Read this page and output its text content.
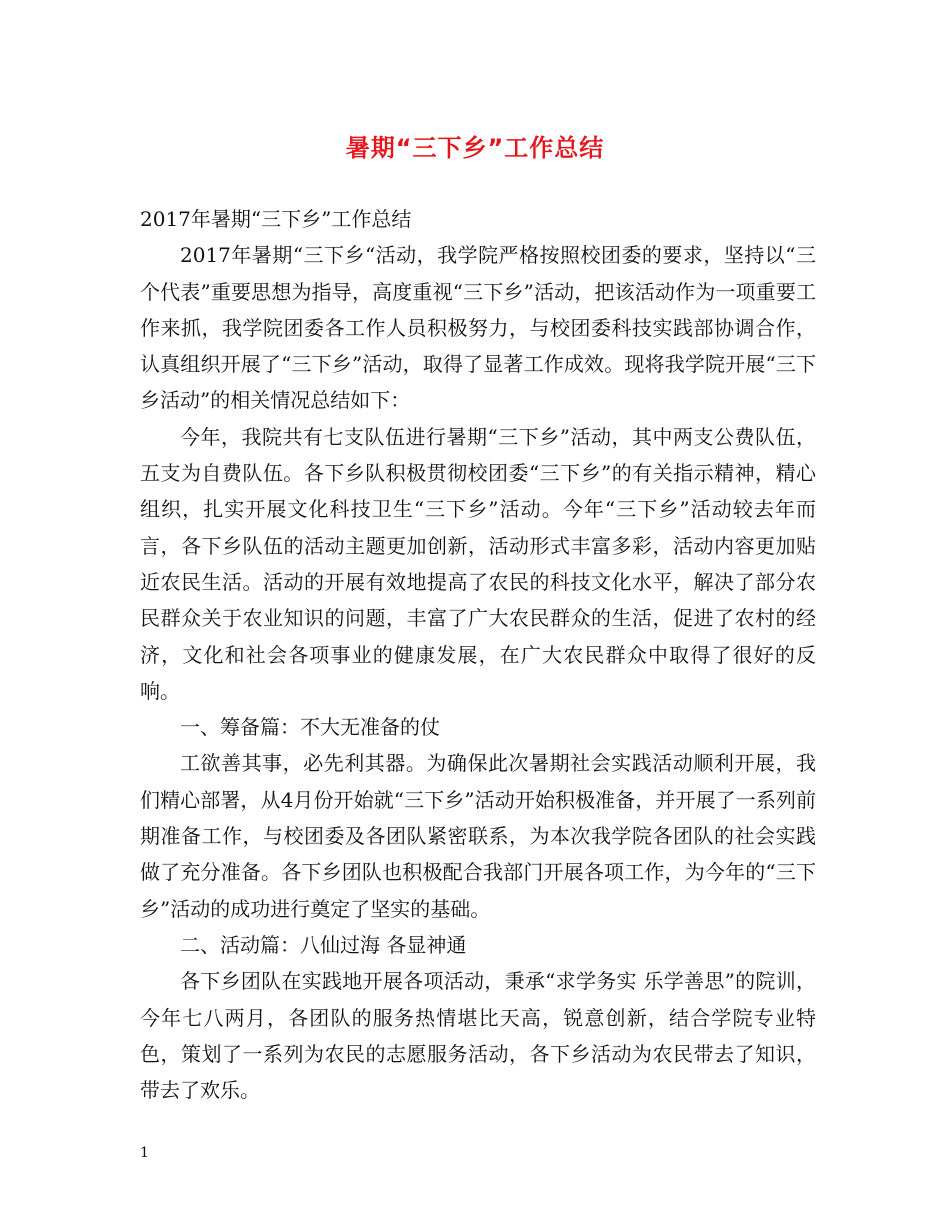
暑期“三下乡”工作总结

2017年暑期“三下乡”工作总结

2017年暑期“三下乡“活动，我学院严格按照校团委的要求，坚持以“三个代表”重要思想为指导，高度重视“三下乡”活动，把该活动作为一项重要工作来抓，我学院团委各工作人员积极努力，与校团委科技实践部协调合作，认真组织开展了“三下乡”活动，取得了显著工作成效。现将我学院开展“三下乡活动”的相关情况总结如下：

今年，我院共有七支队伍进行暑期“三下乡”活动，其中两支公费队伍，五支为自费队伍。各下乡队积极贯彻校团委“三下乡”的有关指示精神，精心组织，扎实开展文化科技卫生“三下乡”活动。今年“三下乡”活动较去年而言，各下乡队伍的活动主题更加创新，活动形式丰富多彩，活动内容更加贴近农民生活。活动的开展有效地提高了农民的科技文化水平，解决了部分农民群众关于农业知识的问题，丰富了广大农民群众的生活，促进了农村的经济，文化和社会各项事业的健康发展，在广大农民群众中取得了很好的反响。

一、筹备篇：不大无准备的仗

工欲善其事，必先利其器。为确保此次暑期社会实践活动顺利开展，我们精心部署，从4月份开始就“三下乡”活动开始积极准备，并开展了一系列前期准备工作，与校团委及各团队紧密联系，为本次我学院各团队的社会实践做了充分准备。各下乡团队也积极配合我部门开展各项工作，为今年的“三下乡”活动的成功进行奠定了坚实的基础。

二、活动篇：八仙过海 各显神通

各下乡团队在实践地开展各项活动，秉承“求学务实 乐学善思”的院训，今年七八两月，各团队的服务热情堪比天高，锐意创新，结合学院专业特色，策划了一系列为农民的志愿服务活动，各下乡活动为农民带去了知识，带去了欢乐。

1
